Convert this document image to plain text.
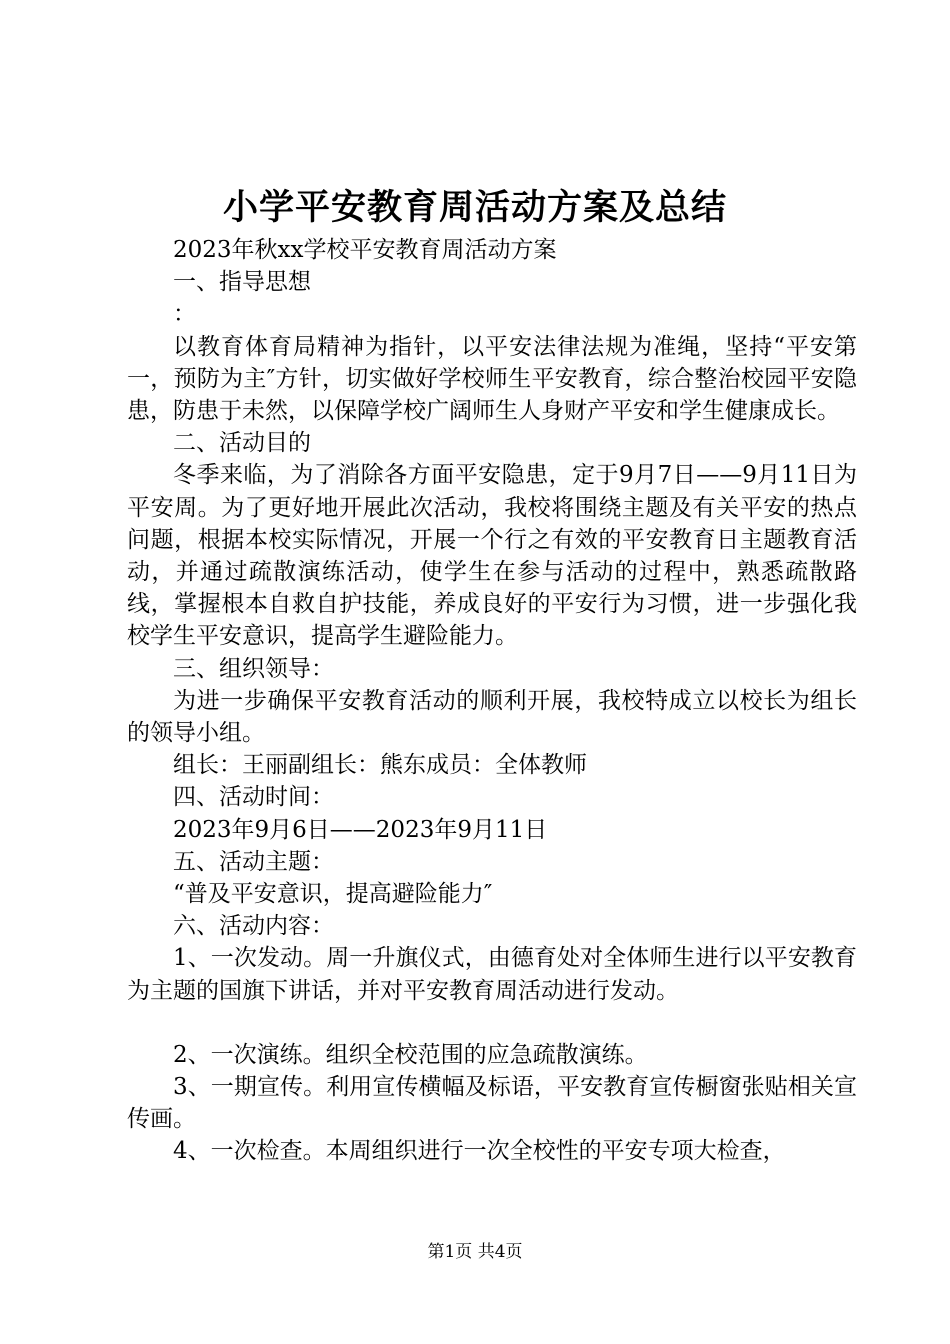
小学平安教育周活动方案及总结

2023年秋xx学校平安教育周活动方案

一、指导思想

：

以教育体育局精神为指针，以平安法律法规为准绳，坚持“平安第一，预防为主″方针，切实做好学校师生平安教育，综合整治校园平安隐患，防患于未然，以保障学校广阔师生人身财产平安和学生健康成长。

二、活动目的

冬季来临，为了消除各方面平安隐患，定于9月7日——9月11日为平安周。为了更好地开展此次活动，我校将围绕主题及有关平安的热点问题，根据本校实际情况，开展一个行之有效的平安教育日主题教育活动，并通过疏散演练活动，使学生在参与活动的过程中，熟悉疏散路线，掌握根本自救自护技能，养成良好的平安行为习惯，进一步强化我校学生平安意识，提高学生避险能力。

三、组织领导：

为进一步确保平安教育活动的顺利开展，我校特成立以校长为组长的领导小组。

组长：王丽副组长：熊东成员：全体教师

四、活动时间：

2023年9月6日——2023年9月11日

五、活动主题：

“普及平安意识，提高避险能力″

六、活动内容：

1、一次发动。周一升旗仪式，由德育处对全体师生进行以平安教育为主题的国旗下讲话，并对平安教育周活动进行发动。

2、一次演练。组织全校范围的应急疏散演练。

3、一期宣传。利用宣传横幅及标语，平安教育宣传橱窗张贴相关宣传画。

4、一次检查。本周组织进行一次全校性的平安专项大检查，

第1页 共4页
